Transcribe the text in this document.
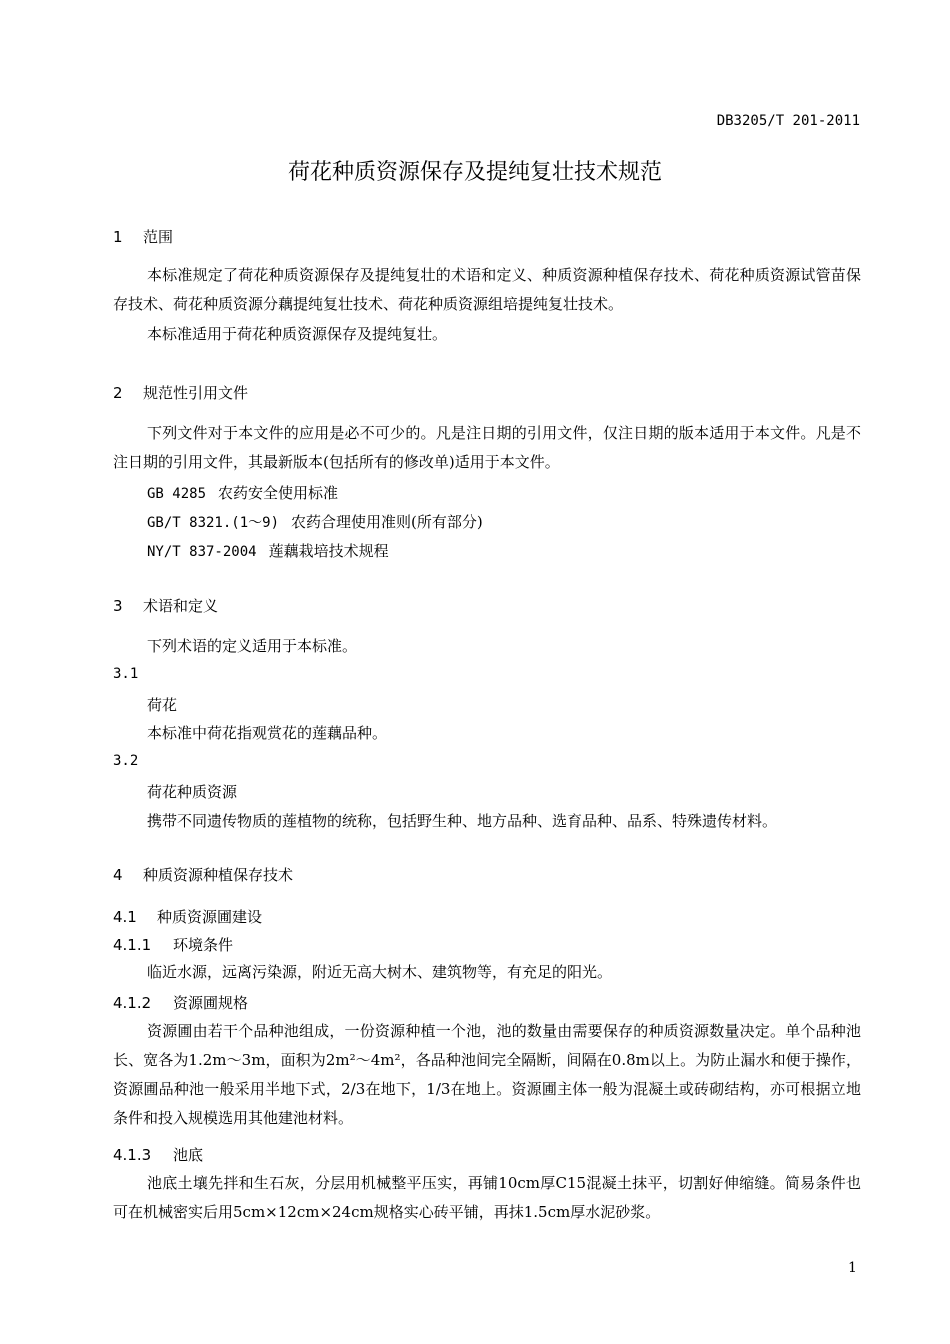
DB3205/T 201-2011
荷花种质资源保存及提纯复壮技术规范
1 范围
本标准规定了荷花种质资源保存及提纯复壮的术语和定义、种质资源种植保存技术、荷花种质资源试管苗保存技术、荷花种质资源分藕提纯复壮技术、荷花种质资源组培提纯复壮技术。
本标准适用于荷花种质资源保存及提纯复壮。
2 规范性引用文件
下列文件对于本文件的应用是必不可少的。凡是注日期的引用文件，仅注日期的版本适用于本文件。凡是不注日期的引用文件，其最新版本(包括所有的修改单)适用于本文件。
GB 4285 农药安全使用标准
GB/T 8321.(1～9) 农药合理使用准则(所有部分)
NY/T 837-2004 莲藕栽培技术规程
3 术语和定义
下列术语的定义适用于本标准。
3.1
荷花
本标准中荷花指观赏花的莲藕品种。
3.2
荷花种质资源
携带不同遗传物质的莲植物的统称，包括野生种、地方品种、选育品种、品系、特殊遗传材料。
4 种质资源种植保存技术
4.1 种质资源圃建设
4.1.1 环境条件
临近水源，远离污染源，附近无高大树木、建筑物等，有充足的阳光。
4.1.2 资源圃规格
资源圃由若干个品种池组成，一份资源种植一个池，池的数量由需要保存的种质资源数量决定。单个品种池长、宽各为1.2m～3m，面积为2m²～4m²，各品种池间完全隔断，间隔在0.8m以上。为防止漏水和便于操作，资源圃品种池一般采用半地下式，2/3在地下，1/3在地上。资源圃主体一般为混凝土或砖砌结构，亦可根据立地条件和投入规模选用其他建池材料。
4.1.3 池底
池底土壤先拌和生石灰，分层用机械整平压实，再铺10cm厚C15混凝土抹平，切割好伸缩缝。简易条件也可在机械密实后用5cm×12cm×24cm规格实心砖平铺，再抹1.5cm厚水泥砂浆。
1
